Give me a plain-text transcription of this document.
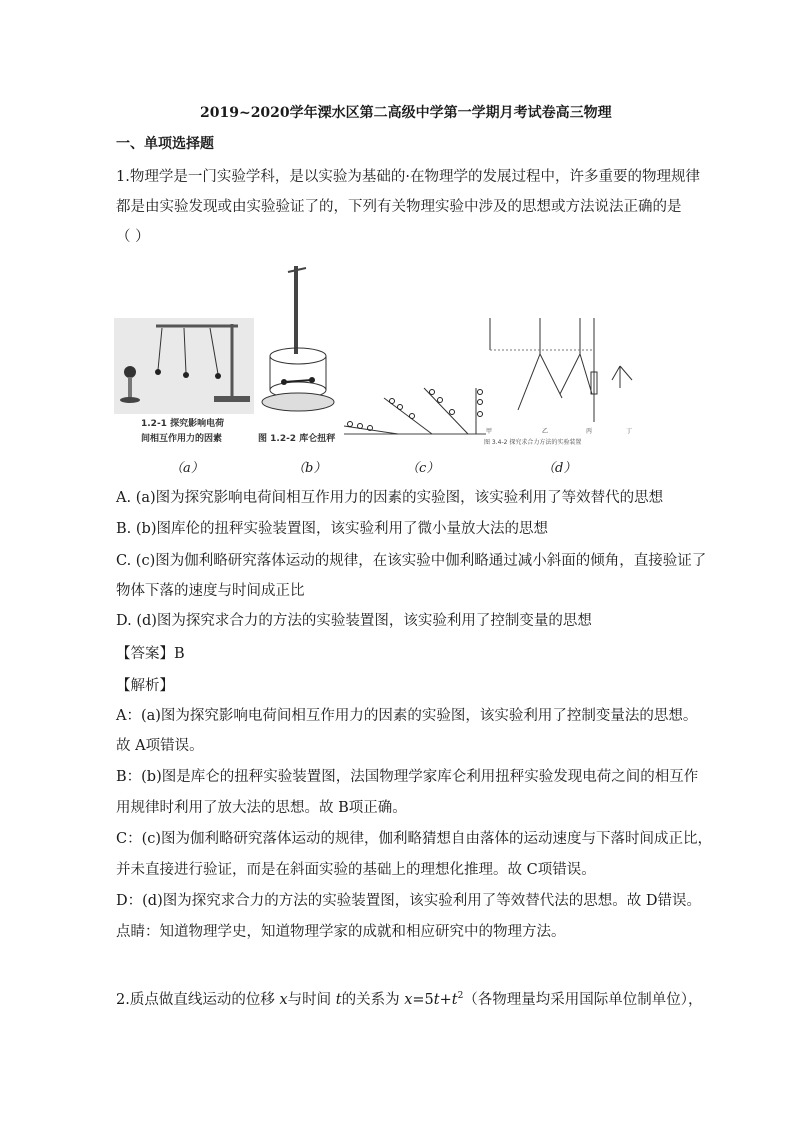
2019~2020学年溧水区第二高级中学第一学期月考试卷高三物理
一、单项选择题
1.物理学是一门实验学科，是以实验为基础的·在物理学的发展过程中，许多重要的物理规律
都是由实验发现或由实验验证了的，下列有关物理实验中涉及的思想或方法说法正确的是
（ ）
1.2-1 探究影响电荷
间相互作用力的因素	图 1.2-2 库仑扭秤
甲	乙	丙	丁
图 3.4-2 探究求合力方法的实验装置
（a）	（b）	（c）	（d）
A. (a)图为探究影响电荷间相互作用力的因素的实验图，该实验利用了等效替代的思想
B. (b)图库伦的扭秤实验装置图，该实验利用了微小量放大法的思想
C. (c)图为伽利略研究落体运动的规律，在该实验中伽利略通过减小斜面的倾角，直接验证了
物体下落的速度与时间成正比
D. (d)图为探究求合力的方法的实验装置图，该实验利用了控制变量的思想
【答案】B
【解析】
A：(a)图为探究影响电荷间相互作用力的因素的实验图，该实验利用了控制变量法的思想。
故 A项错误。
B：(b)图是库仑的扭秤实验装置图，法国物理学家库仑利用扭秤实验发现电荷之间的相互作
用规律时利用了放大法的思想。故 B项正确。
C：(c)图为伽利略研究落体运动的规律，伽利略猜想自由落体的运动速度与下落时间成正比，
并未直接进行验证，而是在斜面实验的基础上的理想化推理。故 C项错误。
D：(d)图为探究求合力的方法的实验装置图，该实验利用了等效替代法的思想。故 D错误。
点睛：知道物理学史，知道物理学家的成就和相应研究中的物理方法。
2.质点做直线运动的位移 x与时间 t的关系为 $x=5t+t^2$（各物理量均采用国际单位制单位），
